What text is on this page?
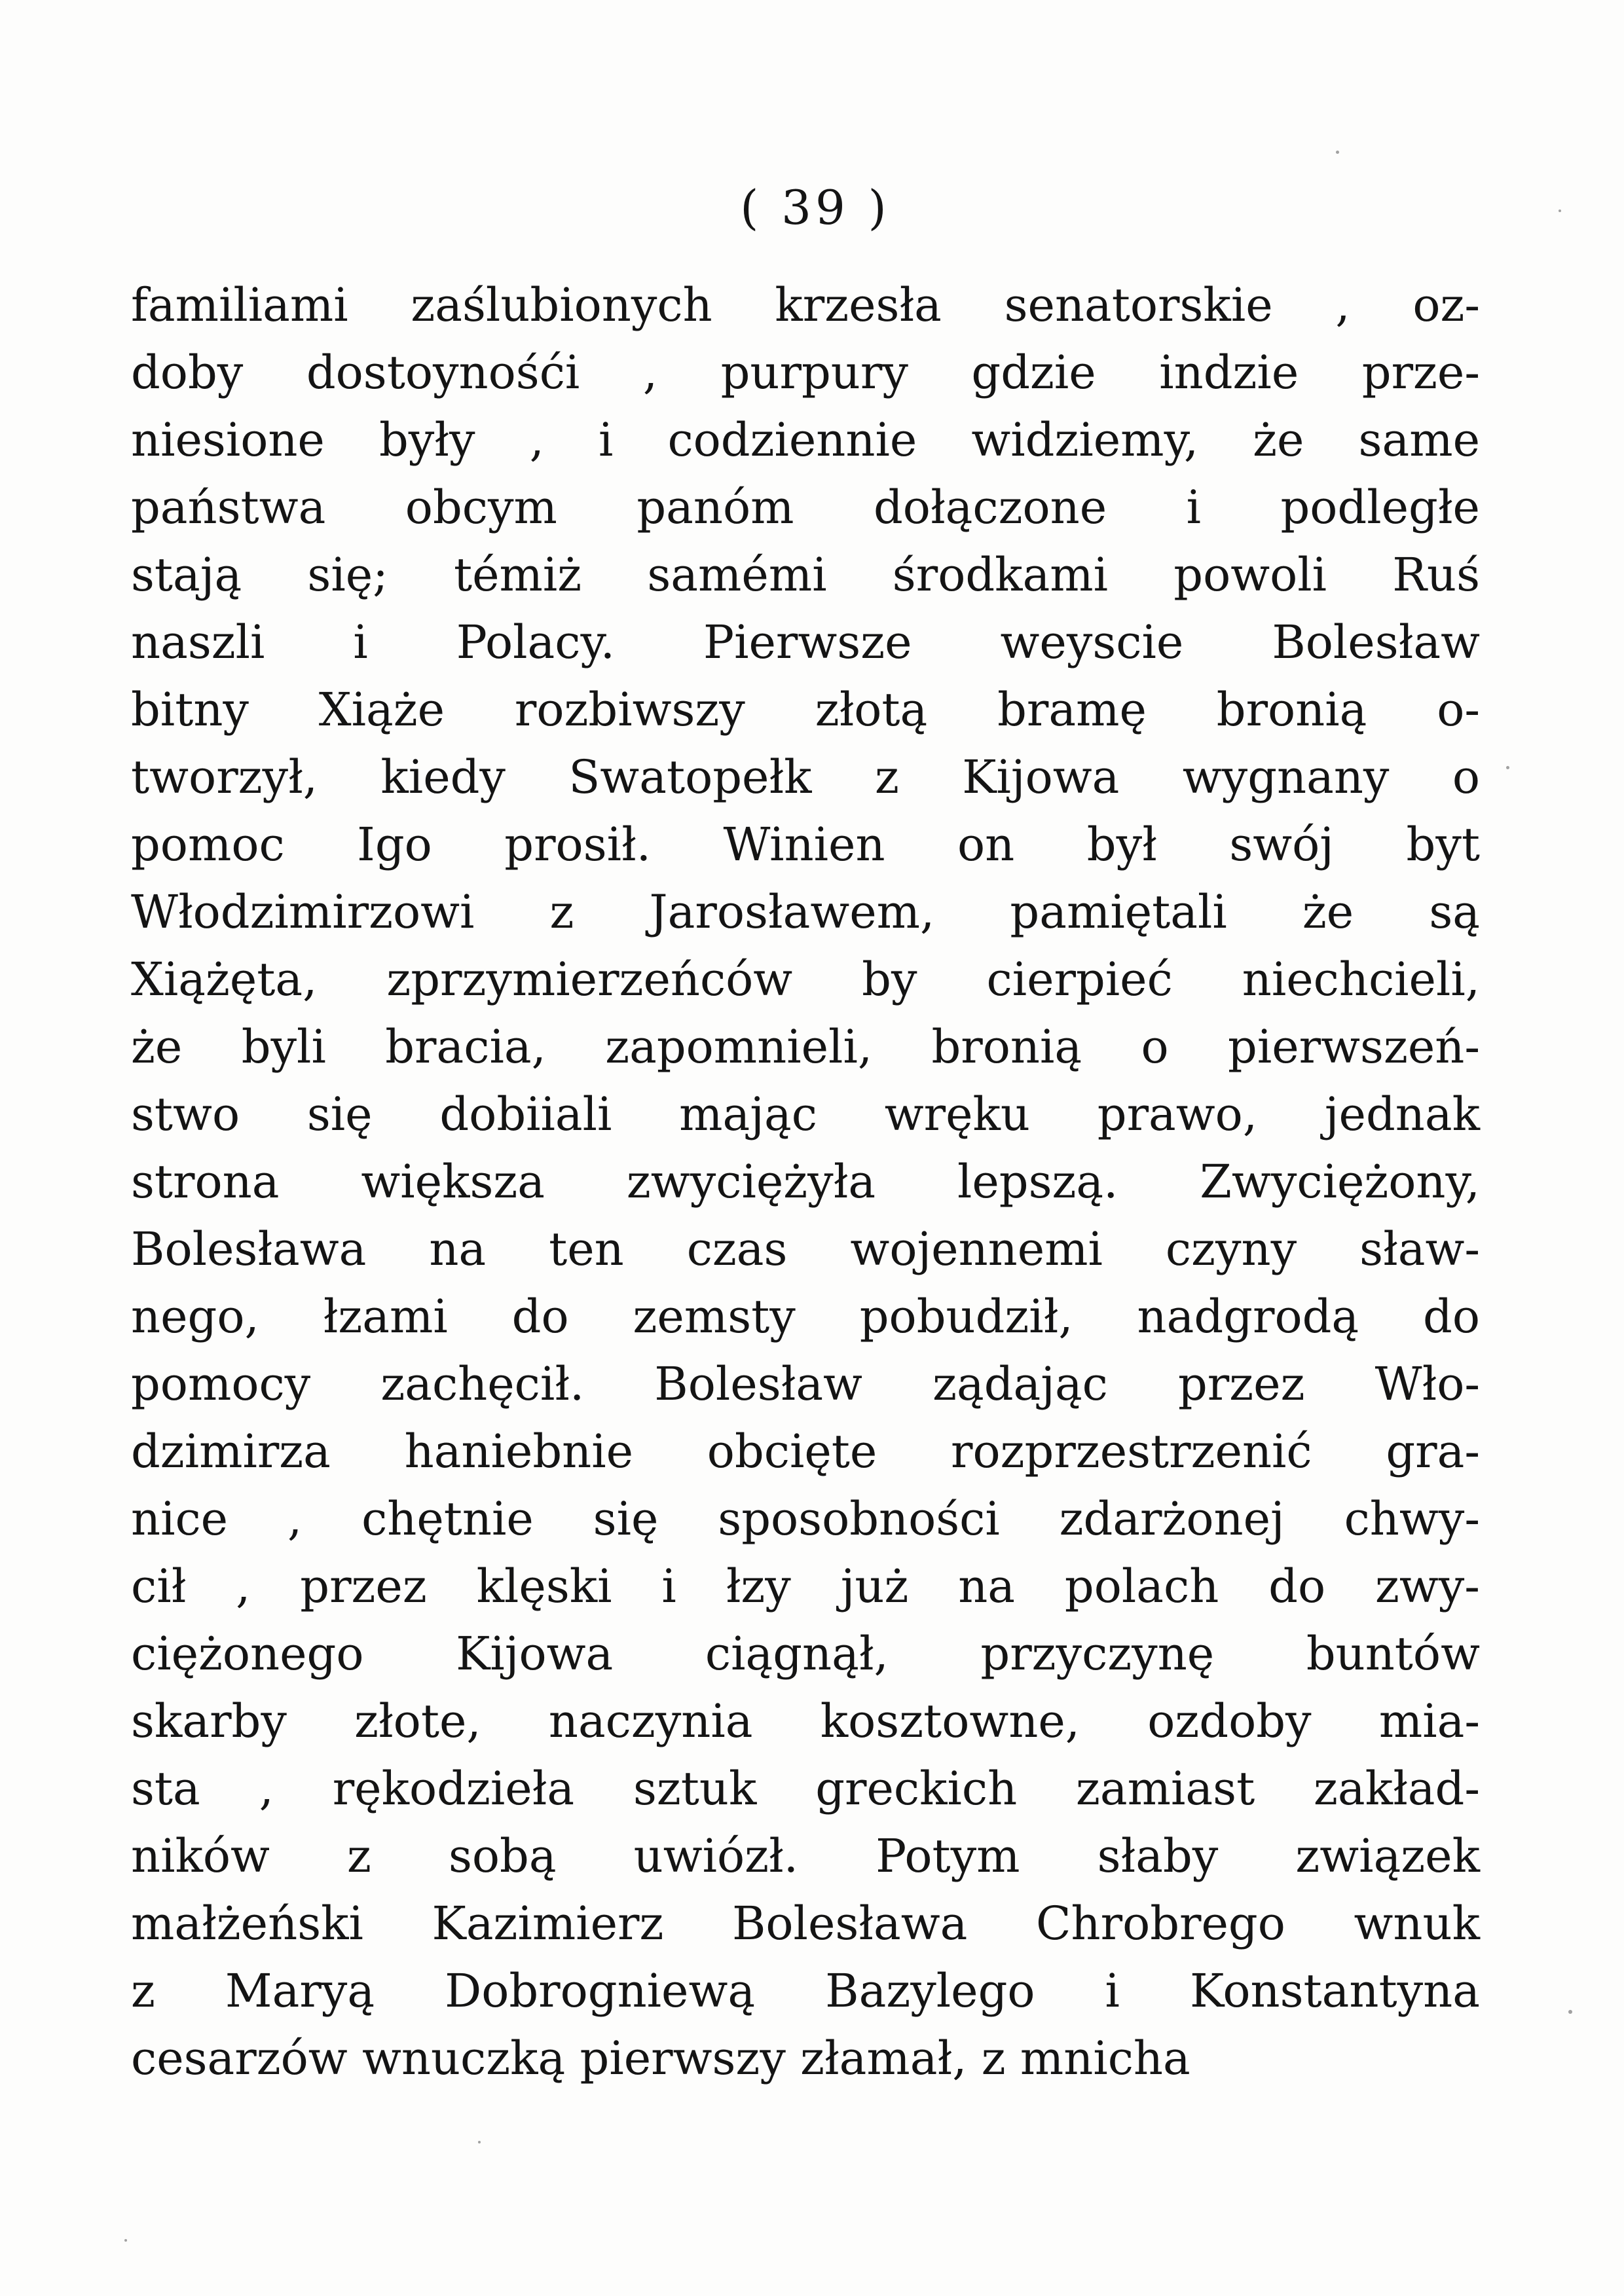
( 39 )
familiami zaślubionych krzesła senatorskie , oz-
doby dostoynośći , purpury gdzie indzie prze-
niesione były , i codziennie widziemy, że same
państwa obcym panóm dołączone i podległe
stają się; témiż samémi środkami powoli Ruś
naszli i Polacy. Pierwsze weyscie Bolesław
bitny Xiąże rozbiwszy złotą bramę bronią o-
tworzył, kiedy Swatopełk z Kijowa wygnany o
pomoc Igo prosił. Winien on był swój byt
Włodzimirzowi z Jarosławem, pamiętali że są
Xiążęta, zprzymierzeńców by cierpieć niechcieli,
że byli bracia, zapomnieli, bronią o pierwszeń-
stwo się dobiiali mając wręku prawo, jednak
strona większa zwyciężyła lepszą. Zwyciężony,
Bolesława na ten czas wojennemi czyny sław-
nego, łzami do zemsty pobudził, nadgrodą do
pomocy zachęcił. Bolesław ządając przez Wło-
dzimirza haniebnie obcięte rozprzestrzenić gra-
nice , chętnie się sposobności zdarżonej chwy-
cił , przez klęski i łzy już na polach do zwy-
ciężonego Kijowa ciągnął, przyczynę buntów
skarby złote, naczynia kosztowne, ozdoby mia-
sta , rękodzieła sztuk greckich zamiast zakład-
ników z sobą uwiózł. Potym słaby związek
małżeński Kazimierz Bolesława Chrobrego wnuk
z Maryą Dobrogniewą Bazylego i Konstantyna
cesarzów wnuczką pierwszy złamał, z mnicha
